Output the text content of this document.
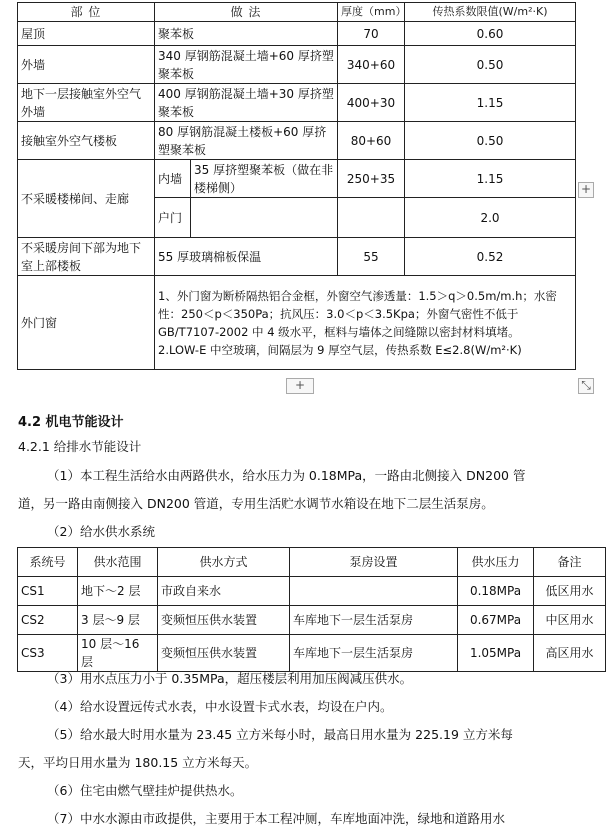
部 位	做 法		厚度（mm）	传热系数限值(W/m²·K)
屋顶	聚苯板		70	0.60
外墙	340 厚钢筋混凝土墙+60 厚挤塑聚苯板		340+60	0.50
地下一层接触室外空气外墙	400 厚钢筋混凝土墙+30 厚挤塑聚苯板		400+30	1.15
接触室外空气楼板	80 厚钢筋混凝土楼板+60 厚挤塑聚苯板		80+60	0.50
不采暖楼梯间、走廊	内墙	35 厚挤塑聚苯板（做在非楼梯侧）	250+35	1.15
	户门			2.0
不采暖房间下部为地下室上部楼板	55 厚玻璃棉板保温		55	0.52
外门窗	1、外门窗为断桥隔热铝合金框，外窗空气渗透量：1.5＞q＞0.5m/m.h；水密性：250＜p＜350Pa；抗风压：3.0＜p＜3.5Kpa；外窗气密性不低于 GB/T7107-2002 中 4 级水平，框料与墙体之间缝隙以密封材料填堵。
2.LOW-E 中空玻璃，间隔层为 9 厚空气层，传热系数 E≤2.8(W/m²·K)			
+
+	⤡
4.2 机电节能设计
4.2.1 给排水节能设计
（1）本工程生活给水由两路供水，给水压力为 0.18MPa，一路由北侧接入 DN200 管
道，另一路由南侧接入 DN200 管道，专用生活贮水调节水箱设在地下二层生活泵房。
（2）给水供水系统
系统号	供水范围	供水方式	泵房设置	供水压力	备注
CS1	地下～2 层	市政自来水		0.18MPa	低区用水
CS2	3 层～9 层	变频恒压供水装置	车库地下一层生活泵房	0.67MPa	中区用水
CS3	10 层～16 层	变频恒压供水装置	车库地下一层生活泵房	1.05MPa	高区用水
（3）用水点压力小于 0.35MPa，超压楼层利用加压阀减压供水。
（4）给水设置远传式水表，中水设置卡式水表，均设在户内。
（5）给水最大时用水量为 23.45 立方米每小时，最高日用水量为 225.19 立方米每
天，平均日用水量为 180.15 立方米每天。
（6）住宅由燃气壁挂炉提供热水。
（7）中水水源由市政提供，主要用于本工程冲厕，车库地面冲洗，绿地和道路用水
